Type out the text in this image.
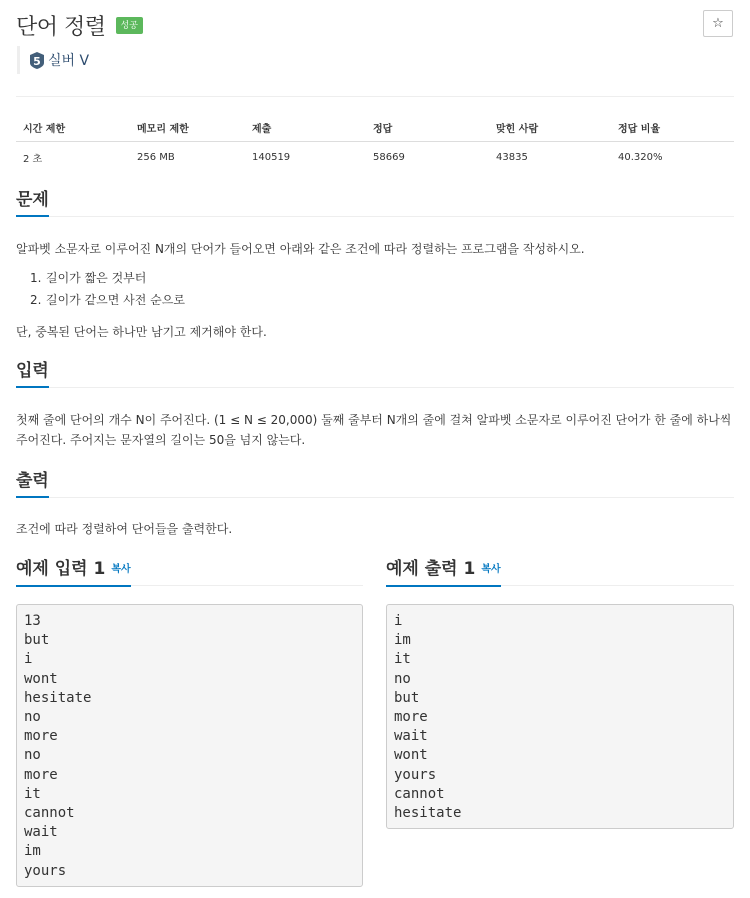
단어 정렬	성공	☆
5 실버 V
시간 제한	메모리 제한	제출	정답	맞힌 사람	정답 비율
2 초	256 MB	140519	58669	43835	40.320%
문제

알파벳 소문자로 이루어진 N개의 단어가 들어오면 아래와 같은 조건에 따라 정렬하는 프로그램을 작성하시오.

1. 길이가 짧은 것부터
2. 길이가 같으면 사전 순으로

단, 중복된 단어는 하나만 남기고 제거해야 한다.

입력

첫째 줄에 단어의 개수 N이 주어진다. (1 ≤ N ≤ 20,000) 둘째 줄부터 N개의 줄에 걸쳐 알파벳 소문자로 이루어진 단어가 한 줄에 하나씩 주어진다. 주어지는 문자열의 길이는 50을 넘지 않는다.

출력

조건에 따라 정렬하여 단어들을 출력한다.

예제 입력 1 복사
13
but
i
wont
hesitate
no
more
no
more
it
cannot
wait
im
yours
예제 출력 1 복사
i
im
it
no
but
more
wait
wont
yours
cannot
hesitate
